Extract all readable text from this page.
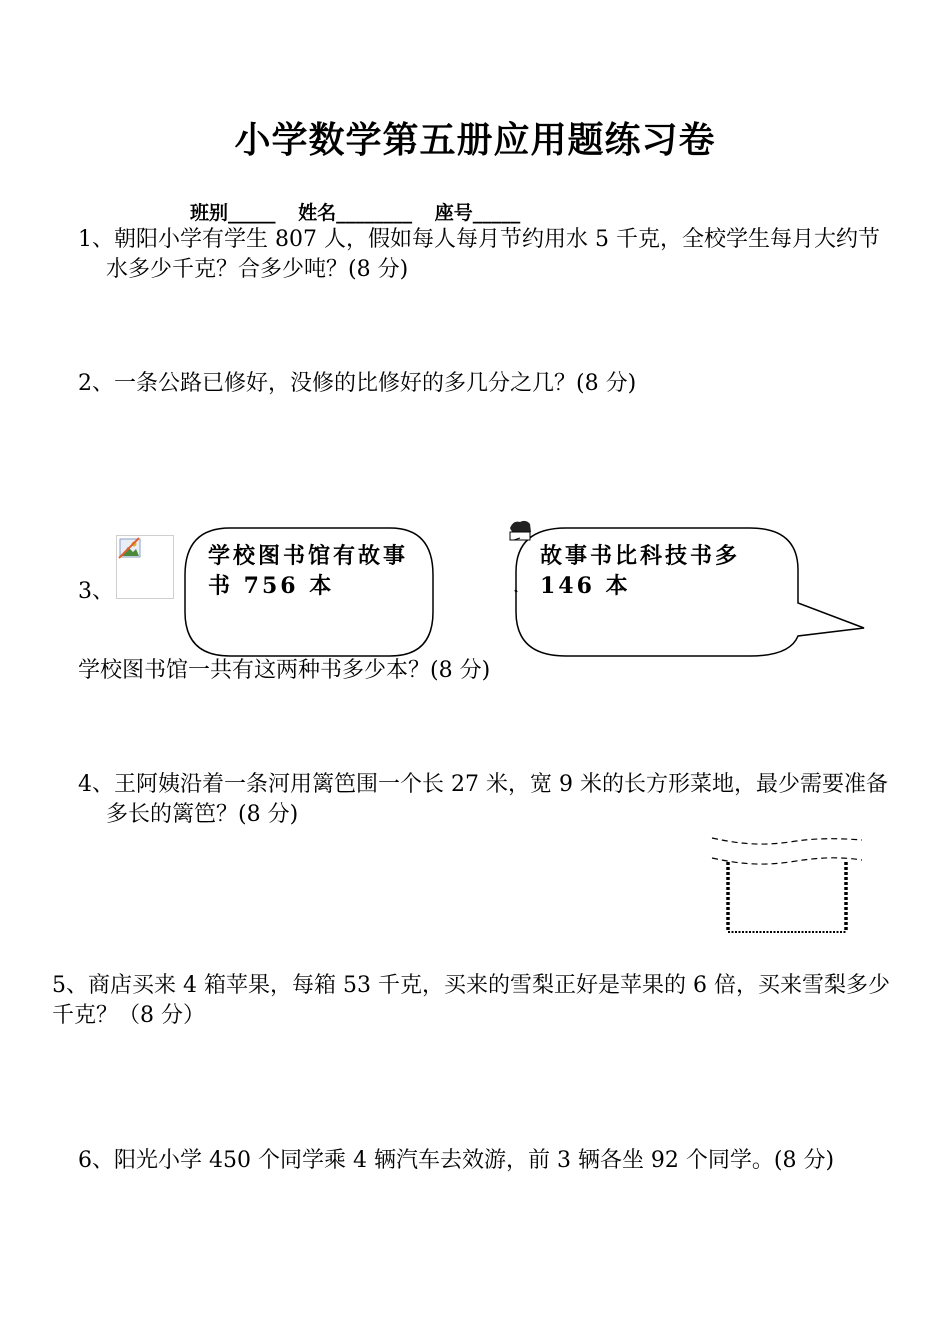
小学数学第五册应用题练习卷
班别_____ 姓名________ 座号_____
1、朝阳小学有学生 807 人，假如每人每月节约用水 5 千克，全校学生每月大约节水多少千克？合多少吨？(8 分)
2、一条公路已修好，没修的比修好的多几分之几？(8 分)
3、
学校图书馆有故事书 756 本
故事书比科技书多 146 本
学校图书馆一共有这两种书多少本？(8 分)
4、王阿姨沿着一条河用篱笆围一个长 27 米，宽 9 米的长方形菜地，最少需要准备多长的篱笆？(8 分)
5、商店买来 4 箱苹果，每箱 53 千克，买来的雪梨正好是苹果的 6 倍，买来雪梨多少千克？（8 分）
6、阳光小学 450 个同学乘 4 辆汽车去效游，前 3 辆各坐 92 个同学。(8 分)
